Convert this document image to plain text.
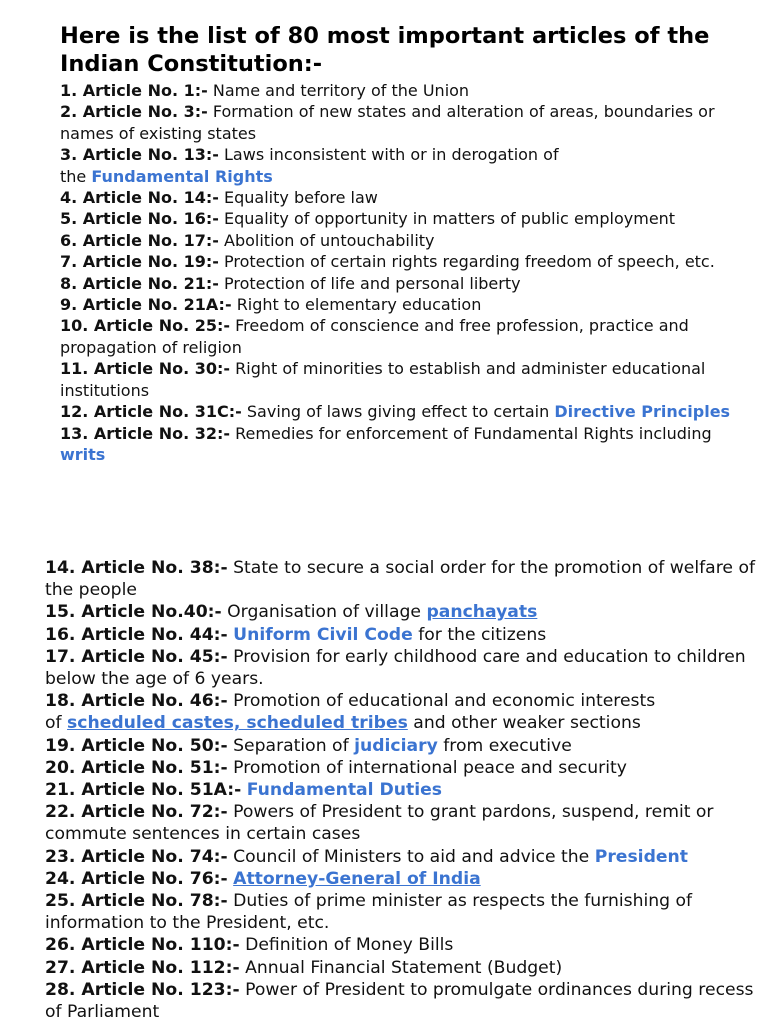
Here is the list of 80 most important articles of the Indian Constitution:-
1. Article No. 1:- Name and territory of the Union
2. Article No. 3:- Formation of new states and alteration of areas, boundaries or names of existing states
3. Article No. 13:- Laws inconsistent with or in derogation of
the Fundamental Rights
4. Article No. 14:- Equality before law
5. Article No. 16:- Equality of opportunity in matters of public employment
6. Article No. 17:- Abolition of untouchability
7. Article No. 19:- Protection of certain rights regarding freedom of speech, etc.
8. Article No. 21:- Protection of life and personal liberty
9. Article No. 21A:- Right to elementary education
10. Article No. 25:- Freedom of conscience and free profession, practice and propagation of religion
11. Article No. 30:- Right of minorities to establish and administer educational institutions
12. Article No. 31C:- Saving of laws giving effect to certain Directive Principles
13. Article No. 32:- Remedies for enforcement of Fundamental Rights including writs
14. Article No. 38:- State to secure a social order for the promotion of welfare of the people
15. Article No.40:- Organisation of village panchayats
16. Article No. 44:- Uniform Civil Code for the citizens
17. Article No. 45:- Provision for early childhood care and education to children below the age of 6 years.
18. Article No. 46:- Promotion of educational and economic interests
of scheduled castes, scheduled tribes and other weaker sections
19. Article No. 50:- Separation of judiciary from executive
20. Article No. 51:- Promotion of international peace and security
21. Article No. 51A:- Fundamental Duties
22. Article No. 72:- Powers of President to grant pardons, suspend, remit or commute sentences in certain cases
23. Article No. 74:- Council of Ministers to aid and advice the President
24. Article No. 76:- Attorney-General of India
25. Article No. 78:- Duties of prime minister as respects the furnishing of information to the President, etc.
26. Article No. 110:- Definition of Money Bills
27. Article No. 112:- Annual Financial Statement (Budget)
28. Article No. 123:- Power of President to promulgate ordinances during recess of Parliament
